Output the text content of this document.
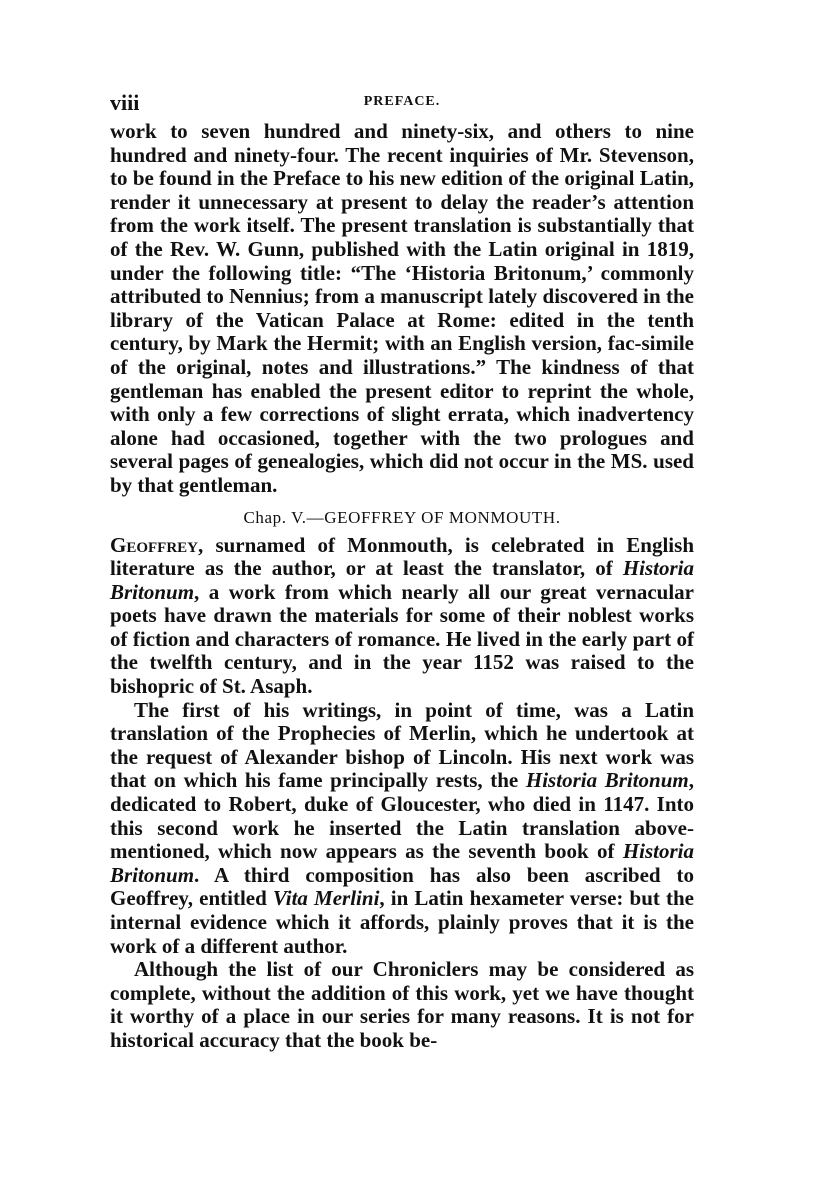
viii	PREFACE.

work to seven hundred and ninety-six, and others to nine hundred and ninety-four. The recent inquiries of Mr. Stevenson, to be found in the Preface to his new edition of the original Latin, render it unnecessary at present to delay the reader’s attention from the work itself. The present translation is substantially that of the Rev. W. Gunn, published with the Latin original in 1819, under the following title: “The ‘Historia Britonum,’ commonly attributed to Nennius; from a manuscript lately discovered in the library of the Vatican Palace at Rome: edited in the tenth century, by Mark the Hermit; with an English version, fac-simile of the original, notes and illustrations.” The kindness of that gentleman has enabled the present editor to reprint the whole, with only a few corrections of slight errata, which inadvertency alone had occasioned, together with the two prologues and several pages of genealogies, which did not occur in the MS. used by that gentleman.

Chap. V.—GEOFFREY OF MONMOUTH.

Geoffrey, surnamed of Monmouth, is celebrated in English literature as the author, or at least the translator, of Historia Britonum, a work from which nearly all our great vernacular poets have drawn the materials for some of their noblest works of fiction and characters of romance. He lived in the early part of the twelfth century, and in the year 1152 was raised to the bishopric of St. Asaph.

The first of his writings, in point of time, was a Latin translation of the Prophecies of Merlin, which he undertook at the request of Alexander bishop of Lincoln. His next work was that on which his fame principally rests, the Historia Britonum, dedicated to Robert, duke of Gloucester, who died in 1147. Into this second work he inserted the Latin translation above-mentioned, which now appears as the seventh book of Historia Britonum. A third composition has also been ascribed to Geoffrey, entitled Vita Merlini, in Latin hexameter verse: but the internal evidence which it affords, plainly proves that it is the work of a different author.

Although the list of our Chroniclers may be considered as complete, without the addition of this work, yet we have thought it worthy of a place in our series for many reasons. It is not for historical accuracy that the book be-
